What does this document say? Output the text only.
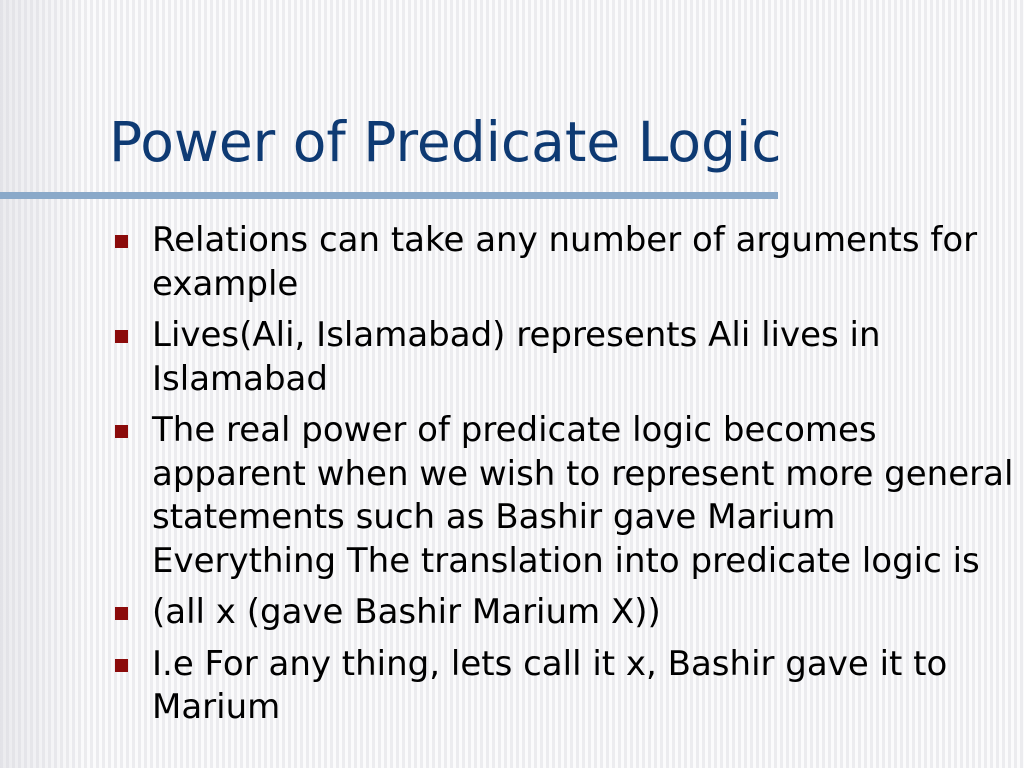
Power of Predicate Logic
Relations can take any number of arguments for example
Lives(Ali, Islamabad) represents Ali lives in Islamabad
The real power of predicate logic becomes apparent when we wish to represent more general statements such as Bashir gave Marium Everything The translation into predicate logic is
(all x (gave Bashir Marium X))
I.e For any thing, lets call it x, Bashir gave it to Marium
